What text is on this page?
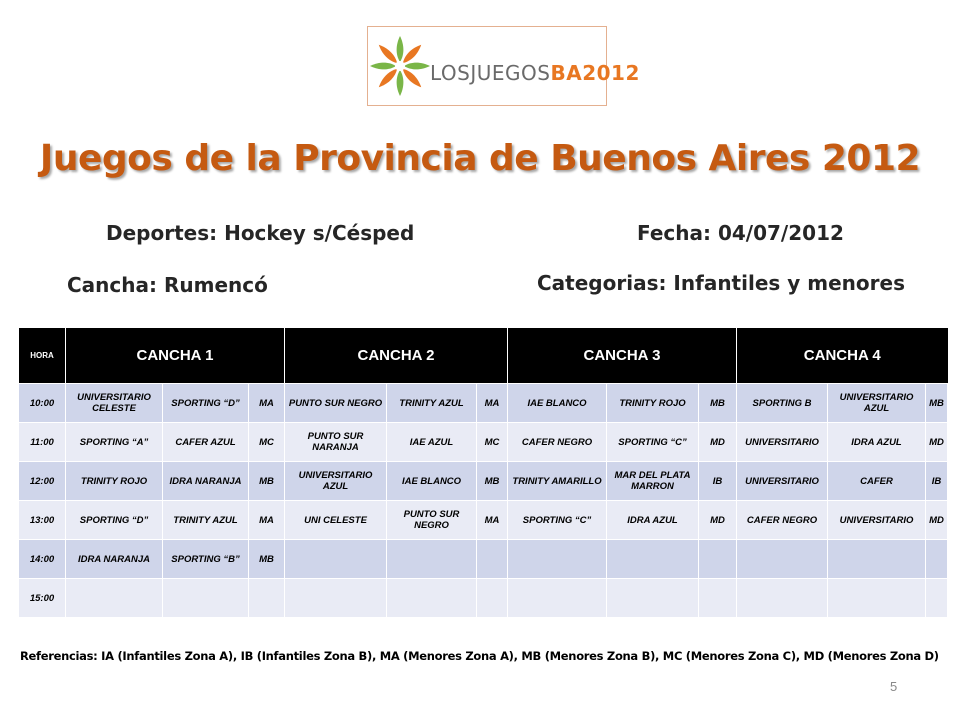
LOSJUEGOSBA2012
Juegos de la Provincia de Buenos Aires 2012
Deportes: Hockey s/Césped	Fecha: 04/07/2012
Cancha: Rumencó	Categorias: Infantiles y menores
HORA	CANCHA 1			CANCHA 2			CANCHA 3			CANCHA 4		
10:00	UNIVERSITARIO CELESTE	SPORTING “D”	MA	PUNTO SUR NEGRO	TRINITY AZUL	MA	IAE BLANCO	TRINITY ROJO	MB	SPORTING B	UNIVERSITARIO AZUL	MB
11:00	SPORTING “A”	CAFER AZUL	MC	PUNTO SUR NARANJA	IAE AZUL	MC	CAFER NEGRO	SPORTING “C”	MD	UNIVERSITARIO	IDRA AZUL	MD
12:00	TRINITY ROJO	IDRA NARANJA	MB	UNIVERSITARIO AZUL	IAE BLANCO	MB	TRINITY AMARILLO	MAR DEL PLATA MARRON	IB	UNIVERSITARIO	CAFER	IB
13:00	SPORTING “D”	TRINITY AZUL	MA	UNI CELESTE	PUNTO SUR NEGRO	MA	SPORTING “C”	IDRA AZUL	MD	CAFER NEGRO	UNIVERSITARIO	MD
14:00	IDRA NARANJA	SPORTING “B”	MB									
15:00												
Referencias: IA (Infantiles Zona A), IB (Infantiles Zona B), MA (Menores Zona A), MB (Menores Zona B), MC (Menores Zona C), MD (Menores Zona D)
5
